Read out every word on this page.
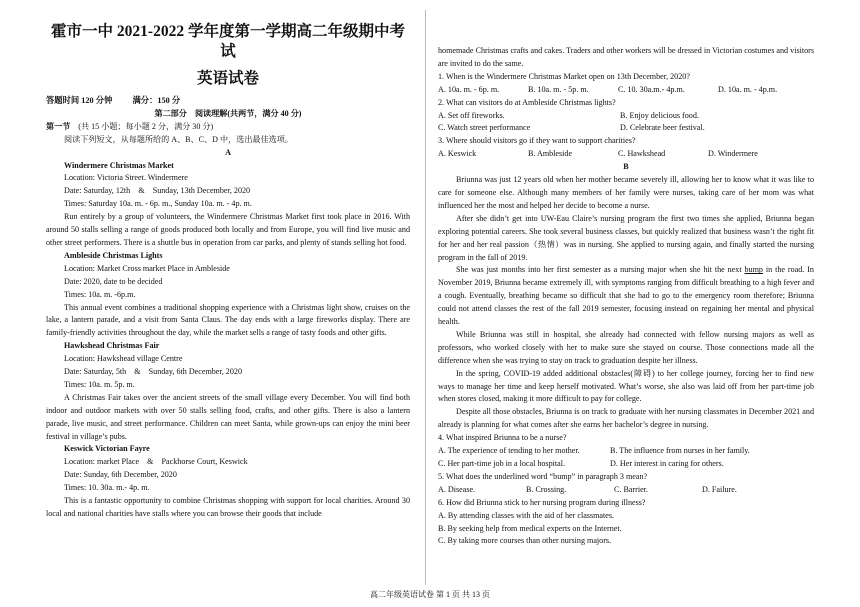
霍市一中 2021-2022 学年度第一学期高二年级期中考试
英语试卷
答题时间 120 分钟 满分：150 分
第二部分　阅读理解(共两节，满分 40 分)
第一节 (共 15 小题；每小题 2 分，满分 30 分)
阅读下列短文，从每题所给的 A、B、C、D 中，选出最佳选项。
A
Windermere Christmas Market
Location: Victoria Street. Windermere
Date: Saturday, 12th　&　Sunday, 13th December, 2020
Times: Saturday 10a. m. - 6p. m., Sunday 10a. m. - 4p. m.
Run entirely by a group of volunteers, the Windermere Christmas Market first took place in 2016. With around 50 stalls selling a range of goods produced both locally and from Europe, you will find live music and other street performers. There is a shuttle bus in operation from car parks, and plenty of stands selling hot food.
Ambleside Christmas Lights
Location: Market Cross market Place in Ambleside
Date: 2020, date to be decided
Times: 10a. m. -6p.m.
This annual event combines a traditional shopping experience with a Christmas light show, cruises on the lake, a lantern parade, and a visit from Santa Claus. The day ends with a large fireworks display. There are family-friendly activities throughout the day, while the market sells a range of tasty foods and other gifts.
Hawkshead Christmas Fair
Location: Hawkshead village Centre
Date: Saturday, 5th　&　Sunday, 6th December, 2020
Times: 10a. m. 5p. m.
A Christmas Fair takes over the ancient streets of the small village every December. You will find both indoor and outdoor markets with over 50 stalls selling food, crafts, and other gifts. There is also a lantern parade, live music, and street performance. Children can meet Santa, while grown-ups can enjoy the mini beer festival in village’s pubs.
Keswick Victorian Fayre
Location: market Place　&　Packhorse Court, Keswick
Date: Sunday, 6th December, 2020
Times: 10. 30a. m.- 4p. m.
This is a fantastic opportunity to combine Christmas shopping with support for local charities. Around 30 local and national charities have stalls where you can browse their goods that include
homemade Christmas crafts and cakes. Traders and other workers will be dressed in Victorian costumes and visitors are invited to do the same.
1. When is the Windermere Christmas Market open on 13th December, 2020?
A. 10a. m. - 6p. m.	B. 10a. m. - 5p. m.	C. 10. 30a.m.- 4p.m.	D. 10a. m. - 4p.m.
2. What can visitors do at Ambleside Christmas lights?
A. Set off fireworks.	B. Enjoy delicious food.
C. Watch street performance	D. Celebrate beer festival.
3. Where should visitors go if they want to support charities?
A. Keswick	B. Ambleside	C. Hawkshead	D. Windermere
B
Briunna was just 12 years old when her mother became severely ill, allowing her to know what it was like to care for someone else. Although many members of her family were nurses, taking care of her mom was what influenced her the most and helped her decide to become a nurse.
After she didn’t get into UW-Eau Claire’s nursing program the first two times she applied, Briunna began exploring potential careers. She took several business classes, but quickly realized that business wasn’t the right fit for her and her real passion（热情）was in nursing. She applied to nursing again, and finally started the nursing program in the fall of 2019.
She was just months into her first semester as a nursing major when she hit the next bump in the road. In November 2019, Briunna became extremely ill, with symptoms ranging from difficult breathing to a high fever and a cough. Eventually, breathing became so difficult that she had to go to the emergency room therefore; Briunna could not attend classes the rest of the fall 2019 semester, focusing instead on regaining her mental and physical health.
While Briunna was still in hospital, she already had connected with fellow nursing majors as well as professors, who worked closely with her to make sure she stayed on course. Those connections made all the difference when she was trying to stay on track to graduation despite her illness.
In the spring, COVID-19 added additional obstacles(障碍) to her college journey, forcing her to find new ways to manage her time and keep herself motivated. What’s worse, she also was laid off from her part-time job when stores closed, making it more difficult to pay for college.
Despite all those obstacles, Briunna is on track to graduate with her nursing classmates in December 2021 and already is planning for what comes after she earns her bachelor’s degree in nursing.
4. What inspired Briunna to be a nurse?
A. The experience of tending to her mother.	B. The influence from nurses in her family.
C. Her part-time job in a local hospital.	D. Her interest in caring for others.
5. What does the underlined word “bump” in paragraph 3 mean?
A. Disease.	B. Crossing.	C. Barrier.	D. Failure.
6. How did Briunna stick to her nursing program during illness?
A. By attending classes with the aid of her classmates.
B. By seeking help from medical experts on the Internet.
C. By taking more courses than other nursing majors.
高二年级英语试卷 第 1 页 共 13 页
